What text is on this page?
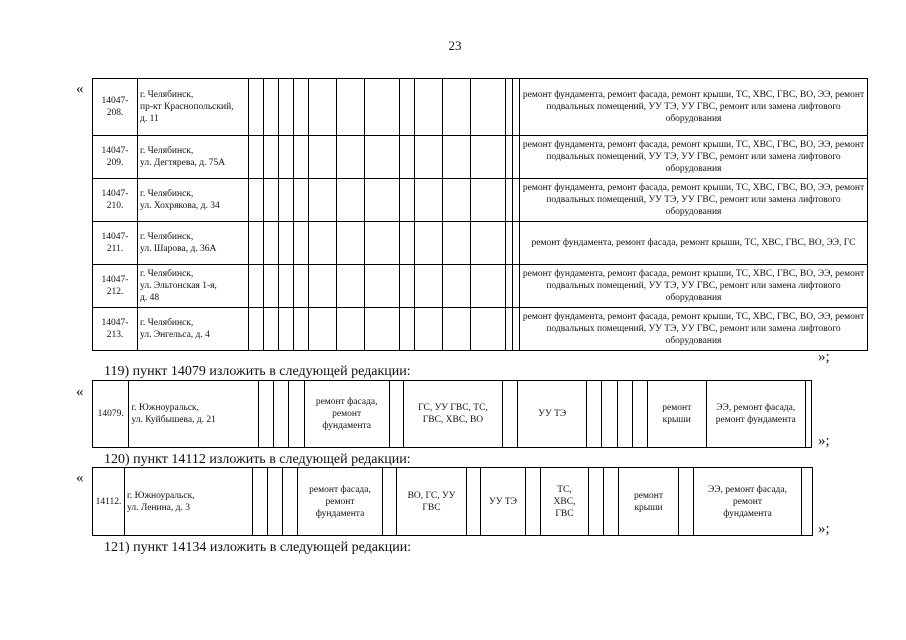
23
«
14047-
208.	г. Челябинск,
пр-кт Краснопольский,
д. 11														ремонт фундамента, ремонт фасада, ремонт крыши, ТС, ХВС, ГВС, ВО, ЭЭ, ремонт подвальных помещений, УУ ТЭ, УУ ГВС, ремонт или замена лифтового оборудования
14047-
209.	г. Челябинск,
ул. Дегтярева, д. 75А														ремонт фундамента, ремонт фасада, ремонт крыши, ТС, ХВС, ГВС, ВО, ЭЭ, ремонт подвальных помещений, УУ ТЭ, УУ ГВС, ремонт или замена лифтового оборудования
14047-
210.	г. Челябинск,
ул. Хохрякова, д. 34														ремонт фундамента, ремонт фасада, ремонт крыши, ТС, ХВС, ГВС, ВО, ЭЭ, ремонт подвальных помещений, УУ ТЭ, УУ ГВС, ремонт или замена лифтового оборудования
14047-
211.	г. Челябинск,
ул. Шарова, д. 36А														ремонт фундамента, ремонт фасада, ремонт крыши, ТС, ХВС, ГВС, ВО, ЭЭ, ГС
14047-
212.	г. Челябинск,
ул. Эльтонская 1-я,
д. 48														ремонт фундамента, ремонт фасада, ремонт крыши, ТС, ХВС, ГВС, ВО, ЭЭ, ремонт подвальных помещений, УУ ТЭ, УУ ГВС, ремонт или замена лифтового оборудования
14047-
213.	г. Челябинск,
ул. Энгельса, д. 4														ремонт фундамента, ремонт фасада, ремонт крыши, ТС, ХВС, ГВС, ВО, ЭЭ, ремонт подвальных помещений, УУ ТЭ, УУ ГВС, ремонт или замена лифтового оборудования
»;
119) пункт 14079 изложить в следующей редакции:
«
14079.	г. Южноуральск,
ул. Куйбышева, д. 21				ремонт фасада,
ремонт
фундамента		ГС, УУ ГВС, ТС,
ГВС, ХВС, ВО		УУ ТЭ					ремонт
крыши	ЭЭ, ремонт фасада,
ремонт фундамента	
»;
120) пункт 14112 изложить в следующей редакции:
«
14112.	г. Южноуральск,
ул. Ленина, д. 3				ремонт фасада,
ремонт
фундамента		ВО, ГС, УУ
ГВС		УУ ТЭ		ТС,
ХВС,
ГВС			ремонт
крыши		ЭЭ, ремонт фасада,
ремонт
фундамента	
»;
121) пункт 14134 изложить в следующей редакции:
